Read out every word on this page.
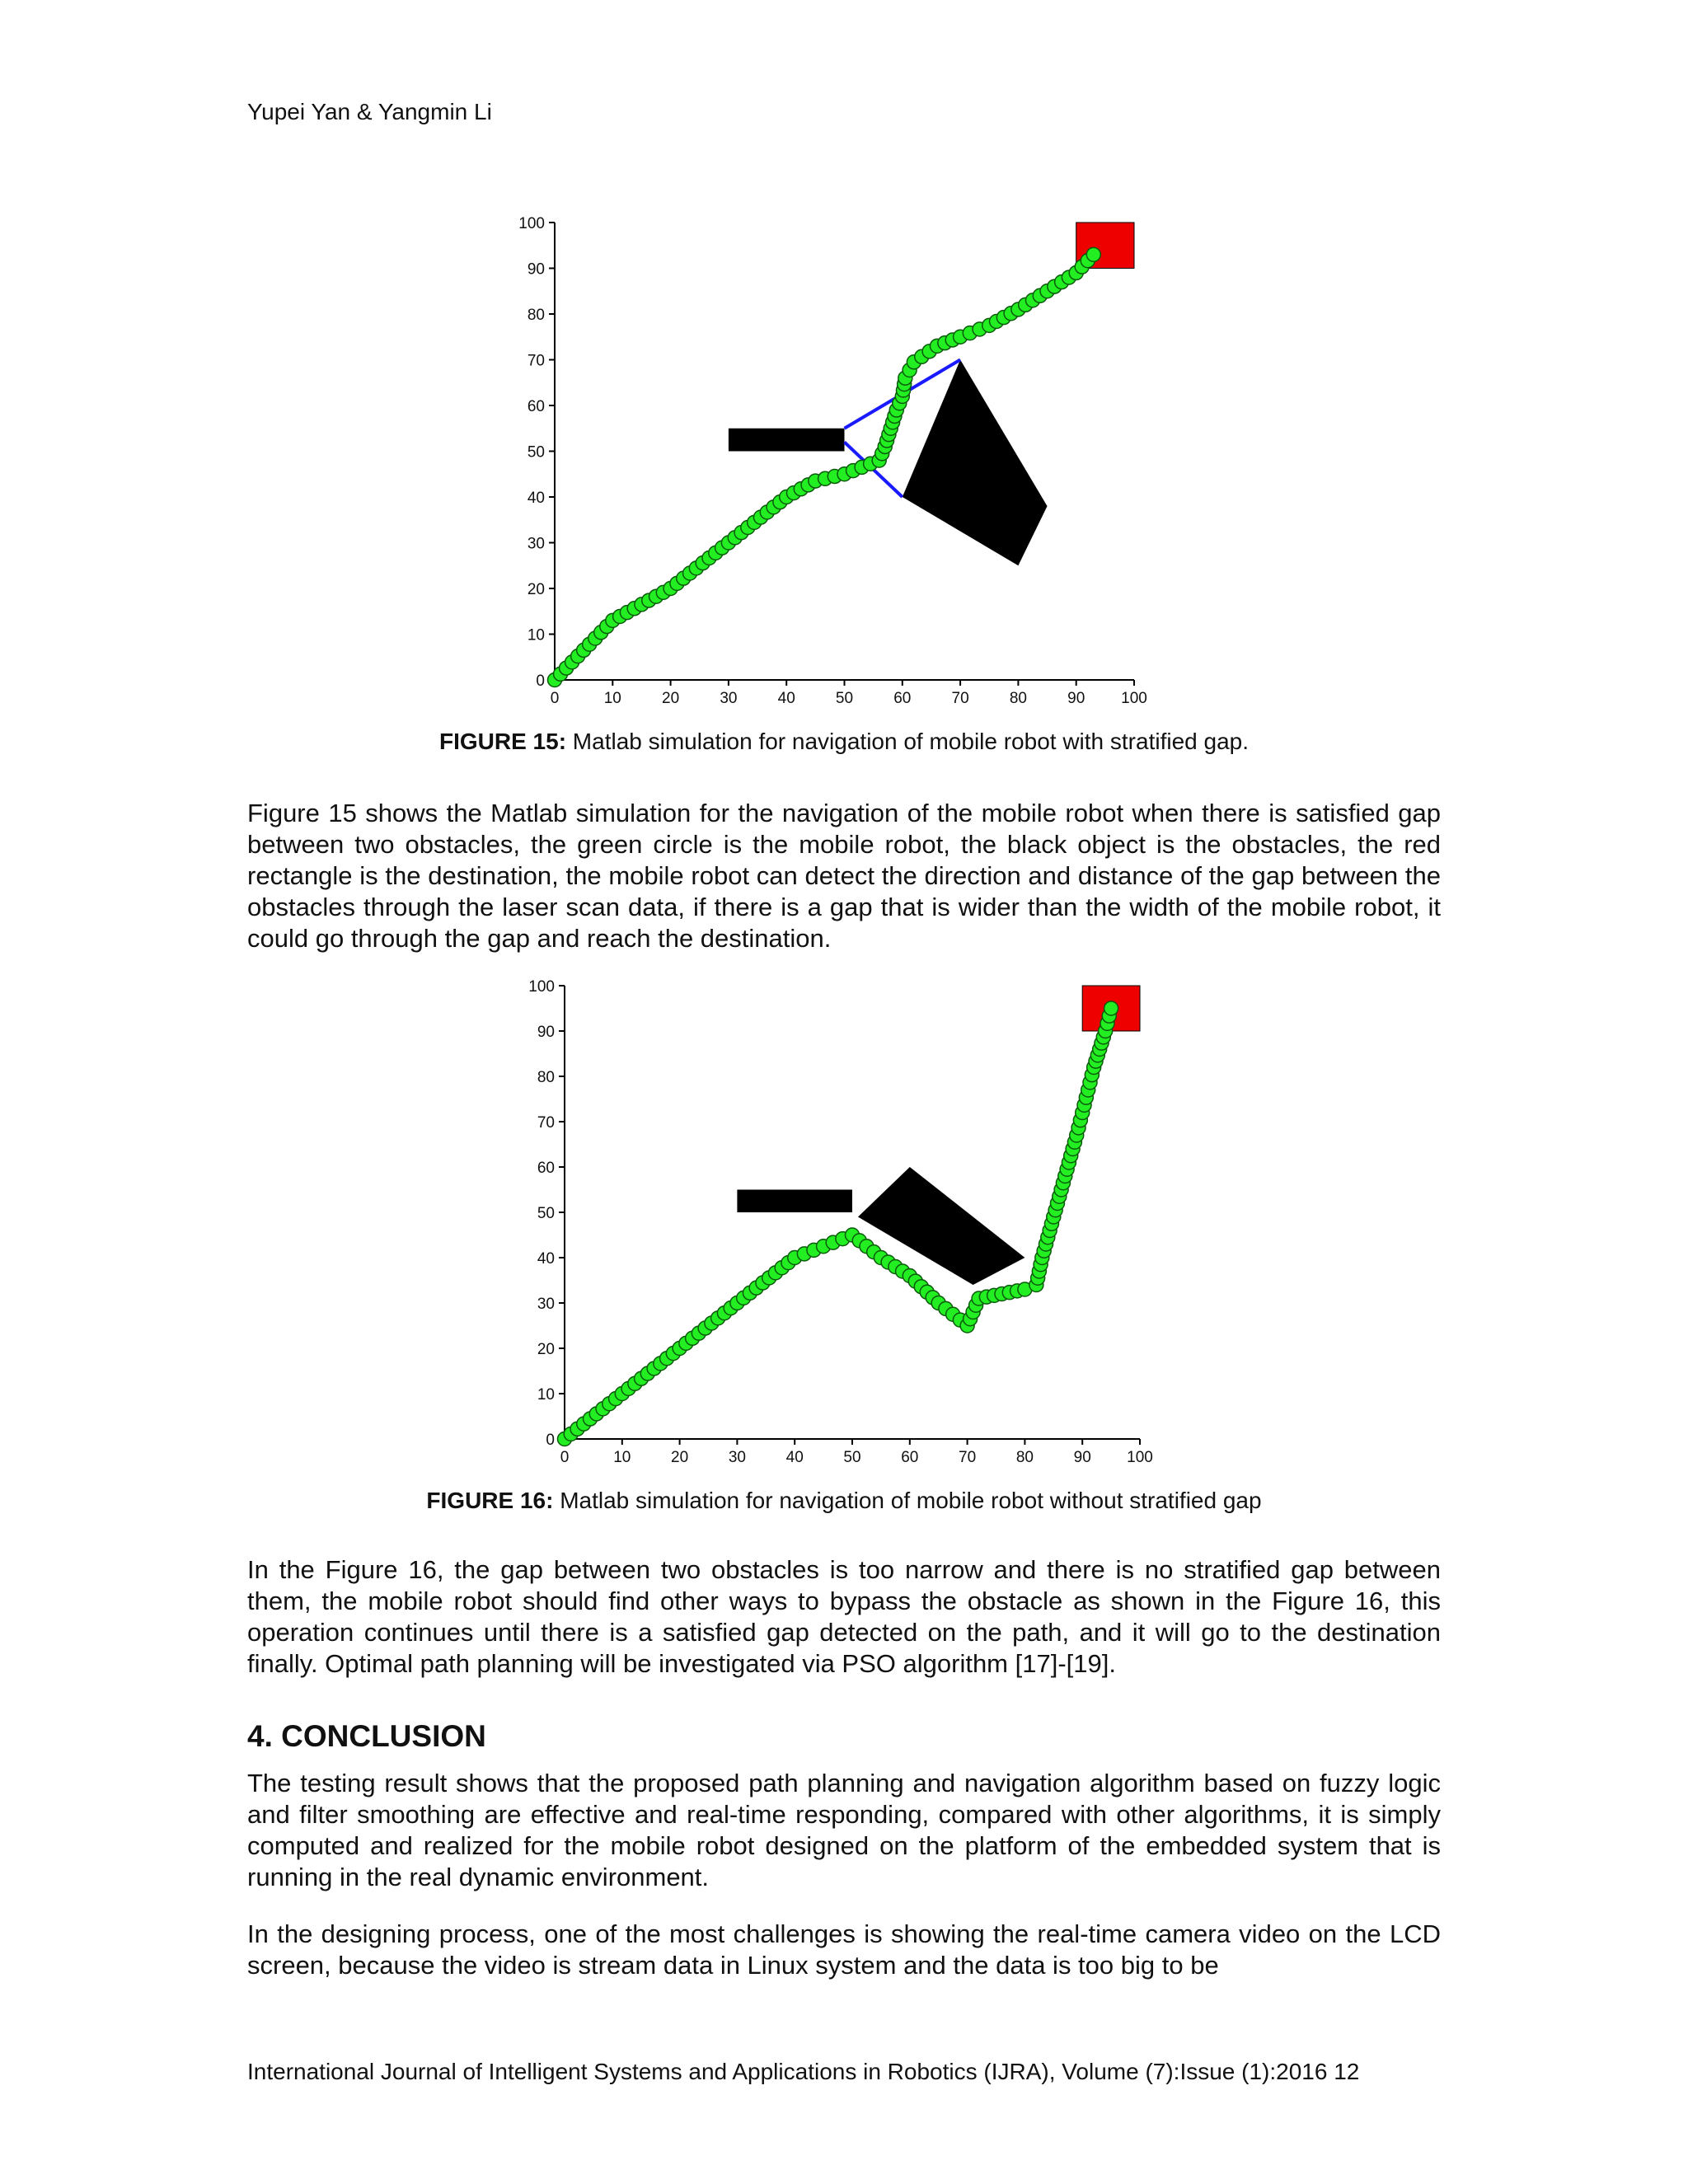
Yupei Yan & Yangmin Li
0	10	20	30	40	50	60	70	80	90 100
0
10
20
30
40
50
60
70
80
90
100
FIGURE 15: Matlab simulation for navigation of mobile robot with stratified gap.

Figure 15 shows the Matlab simulation for the navigation of the mobile robot when there is satisfied gap between two obstacles, the green circle is the mobile robot, the black object is the obstacles, the red rectangle is the destination, the mobile robot can detect the direction and distance of the gap between the obstacles through the laser scan data, if there is a gap that is wider than the width of the mobile robot, it could go through the gap and reach the destination.

0	10	20	30	40	50	60	70	80	90 100
0
10
20
30
40
50
60
70
80
90
100
FIGURE 16: Matlab simulation for navigation of mobile robot without stratified gap

In the Figure 16, the gap between two obstacles is too narrow and there is no stratified gap between them, the mobile robot should find other ways to bypass the obstacle as shown in the Figure 16, this operation continues until there is a satisfied gap detected on the path, and it will go to the destination finally. Optimal path planning will be investigated via PSO algorithm [17]-[19].

4. CONCLUSION

The testing result shows that the proposed path planning and navigation algorithm based on fuzzy logic and filter smoothing are effective and real-time responding, compared with other algorithms, it is simply computed and realized for the mobile robot designed on the platform of the embedded system that is running in the real dynamic environment.

In the designing process, one of the most challenges is showing the real-time camera video on the LCD screen, because the video is stream data in Linux system and the data is too big to be

International Journal of Intelligent Systems and Applications in Robotics (IJRA), Volume (7):Issue (1):2016 12
